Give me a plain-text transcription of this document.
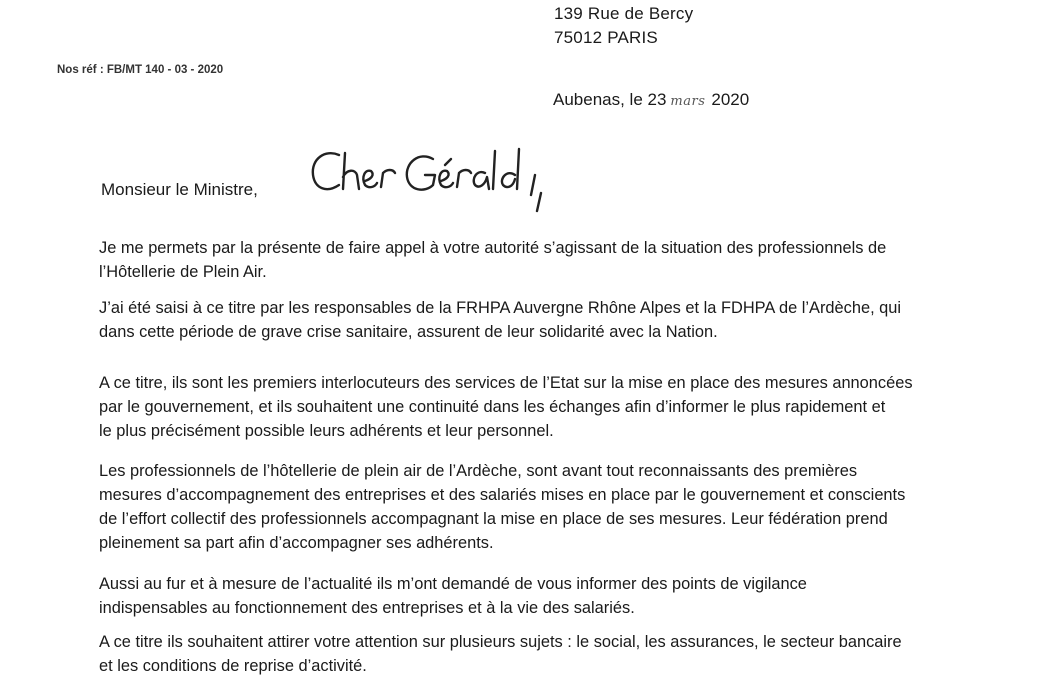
139 Rue de Bercy
75012 PARIS
Nos réf : FB/MT 140 - 03 - 2020
Aubenas, le 23 mars 2020
Monsieur le Ministre,
Je me permets par la présente de faire appel à votre autorité s’agissant de la situation des professionnels de
l’Hôtellerie de Plein Air.
J’ai été saisi à ce titre par les responsables de la FRHPA Auvergne Rhône Alpes et la FDHPA de l’Ardèche, qui
dans cette période de grave crise sanitaire, assurent de leur solidarité avec la Nation.
A ce titre, ils sont les premiers interlocuteurs des services de l’Etat sur la mise en place des mesures annoncées
par le gouvernement, et ils souhaitent une continuité dans les échanges afin d’informer le plus rapidement et
le plus précisément possible leurs adhérents et leur personnel.
Les professionnels de l’hôtellerie de plein air de l’Ardèche, sont avant tout reconnaissants des premières
mesures d’accompagnement des entreprises et des salariés mises en place par le gouvernement et conscients
de l’effort collectif des professionnels accompagnant la mise en place de ses mesures. Leur fédération prend
pleinement sa part afin d’accompagner ses adhérents.
Aussi au fur et à mesure de l’actualité ils m’ont demandé de vous informer des points de vigilance
indispensables au fonctionnement des entreprises et à la vie des salariés.
A ce titre ils souhaitent attirer votre attention sur plusieurs sujets : le social, les assurances, le secteur bancaire
et les conditions de reprise d’activité.
